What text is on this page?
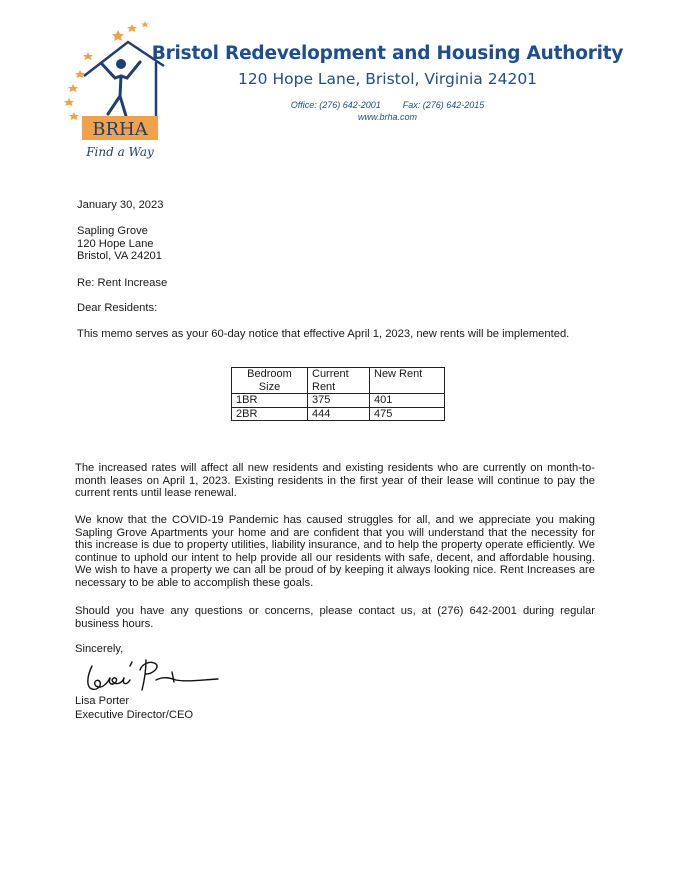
BRHA
Find a Way
Bristol Redevelopment and Housing Authority
120 Hope Lane, Bristol, Virginia 24201
Office: (276) 642-2001 Fax: (276) 642-2015
www.brha.com
January 30, 2023
Sapling Grove
120 Hope Lane
Bristol, VA 24201
Re: Rent Increase
Dear Residents:
This memo serves as your 60-day notice that effective April 1, 2023, new rents will be implemented.
Bedroom Size	Current Rent	New Rent
1BR	375	401
2BR	444	475
The increased rates will affect all new residents and existing residents who are currently on month-to-month leases on April 1, 2023. Existing residents in the first year of their lease will continue to pay the current rents until lease renewal.
We know that the COVID-19 Pandemic has caused struggles for all, and we appreciate you making Sapling Grove Apartments your home and are confident that you will understand that the necessity for this increase is due to property utilities, liability insurance, and to help the property operate efficiently. We continue to uphold our intent to help provide all our residents with safe, decent, and affordable housing. We wish to have a property we can all be proud of by keeping it always looking nice. Rent Increases are necessary to be able to accomplish these goals.
Should you have any questions or concerns, please contact us, at (276) 642-2001 during regular business hours.
Sincerely,
Lisa Porter
Executive Director/CEO
